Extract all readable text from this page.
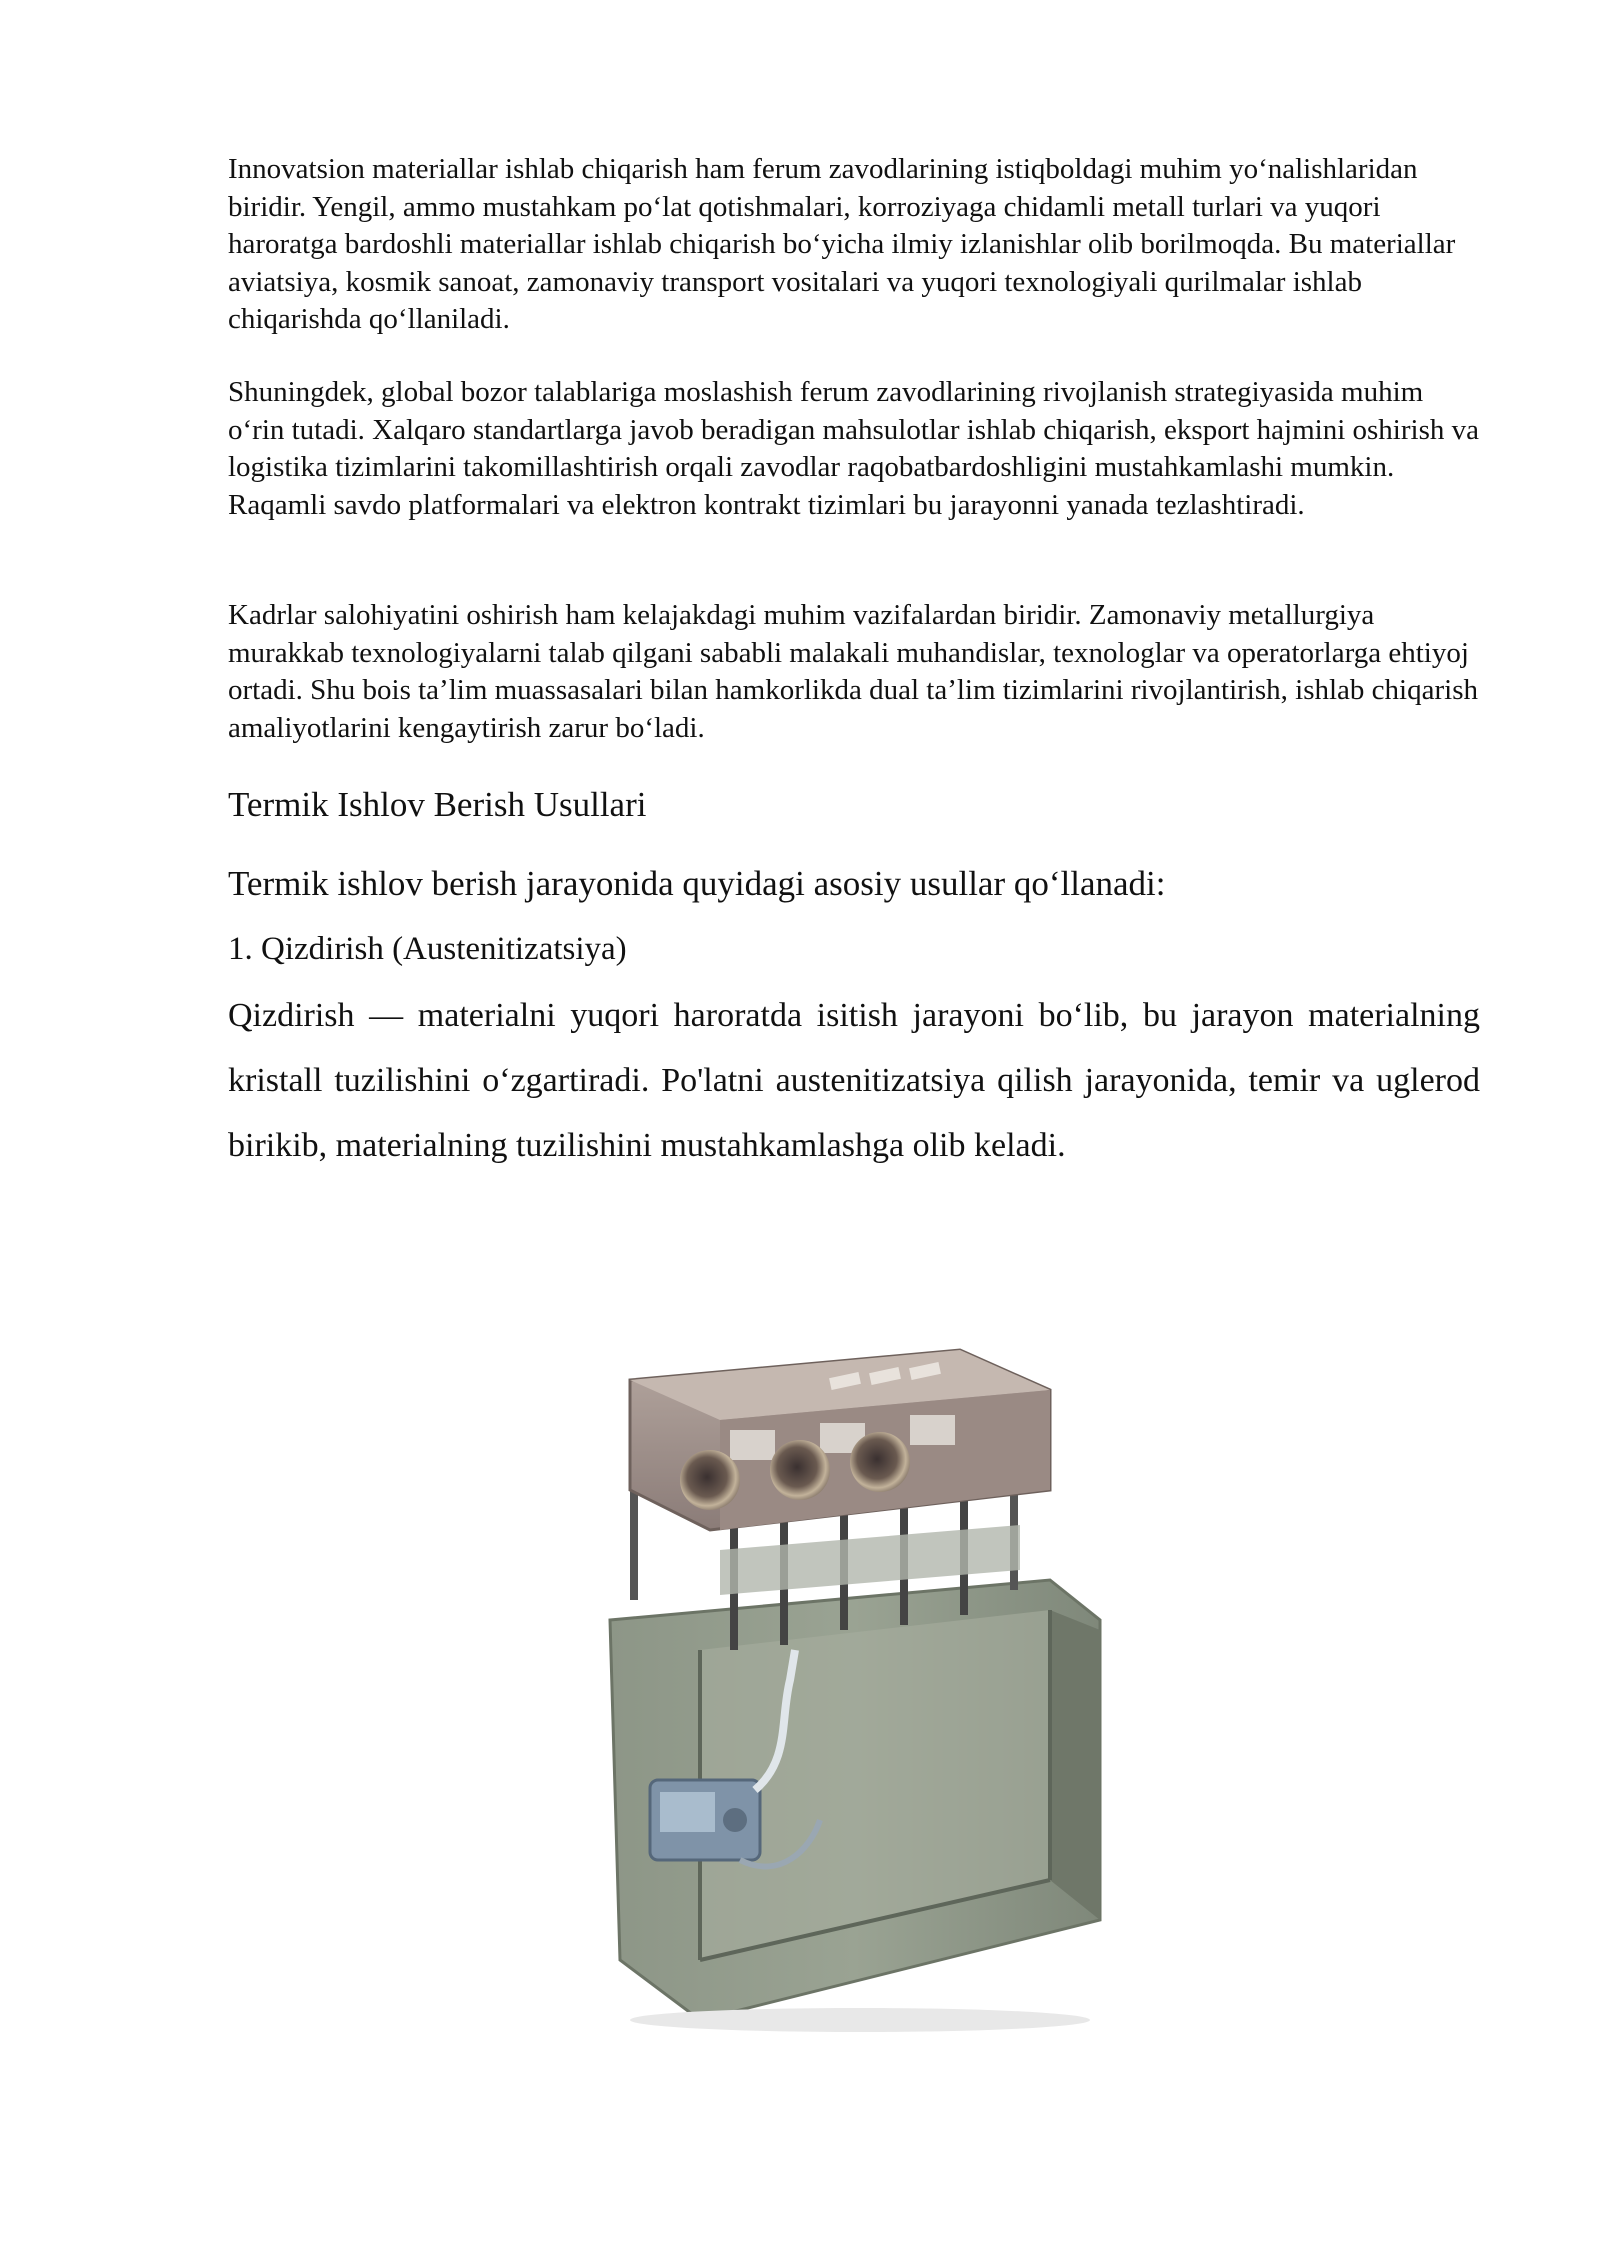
Innovatsion materiallar ishlab chiqarish ham ferum zavodlarining istiqboldagi muhim yo‘nalishlaridan biridir. Yengil, ammo mustahkam po‘lat qotishmalari, korroziyaga chidamli metall turlari va yuqori haroratga bardoshli materiallar ishlab chiqarish bo‘yicha ilmiy izlanishlar olib borilmoqda. Bu materiallar aviatsiya, kosmik sanoat, zamonaviy transport vositalari va yuqori texnologiyali qurilmalar ishlab chiqarishda qo‘llaniladi.

Shuningdek, global bozor talablariga moslashish ferum zavodlarining rivojlanish strategiyasida muhim o‘rin tutadi. Xalqaro standartlarga javob beradigan mahsulotlar ishlab chiqarish, eksport hajmini oshirish va logistika tizimlarini takomillashtirish orqali zavodlar raqobatbardoshligini mustahkamlashi mumkin. Raqamli savdo platformalari va elektron kontrakt tizimlari bu jarayonni yanada tezlashtiradi.

Kadrlar salohiyatini oshirish ham kelajakdagi muhim vazifalardan biridir. Zamonaviy metallurgiya murakkab texnologiyalarni talab qilgani sababli malakali muhandislar, texnologlar va operatorlarga ehtiyoj ortadi. Shu bois ta’lim muassasalari bilan hamkorlikda dual ta’lim tizimlarini rivojlantirish, ishlab chiqarish amaliyotlarini kengaytirish zarur bo‘ladi.

Termik Ishlov Berish Usullari

Termik ishlov berish jarayonida quyidagi asosiy usullar qo‘llanadi:

1. Qizdirish (Austenitizatsiya)

Qizdirish — materialni yuqori haroratda isitish jarayoni bo‘lib, bu jarayon materialning kristall tuzilishini o‘zgartiradi. Po'latni austenitizatsiya qilish jarayonida, temir va uglerod birikib, materialning tuzilishini mustahkamlashga olib keladi.
